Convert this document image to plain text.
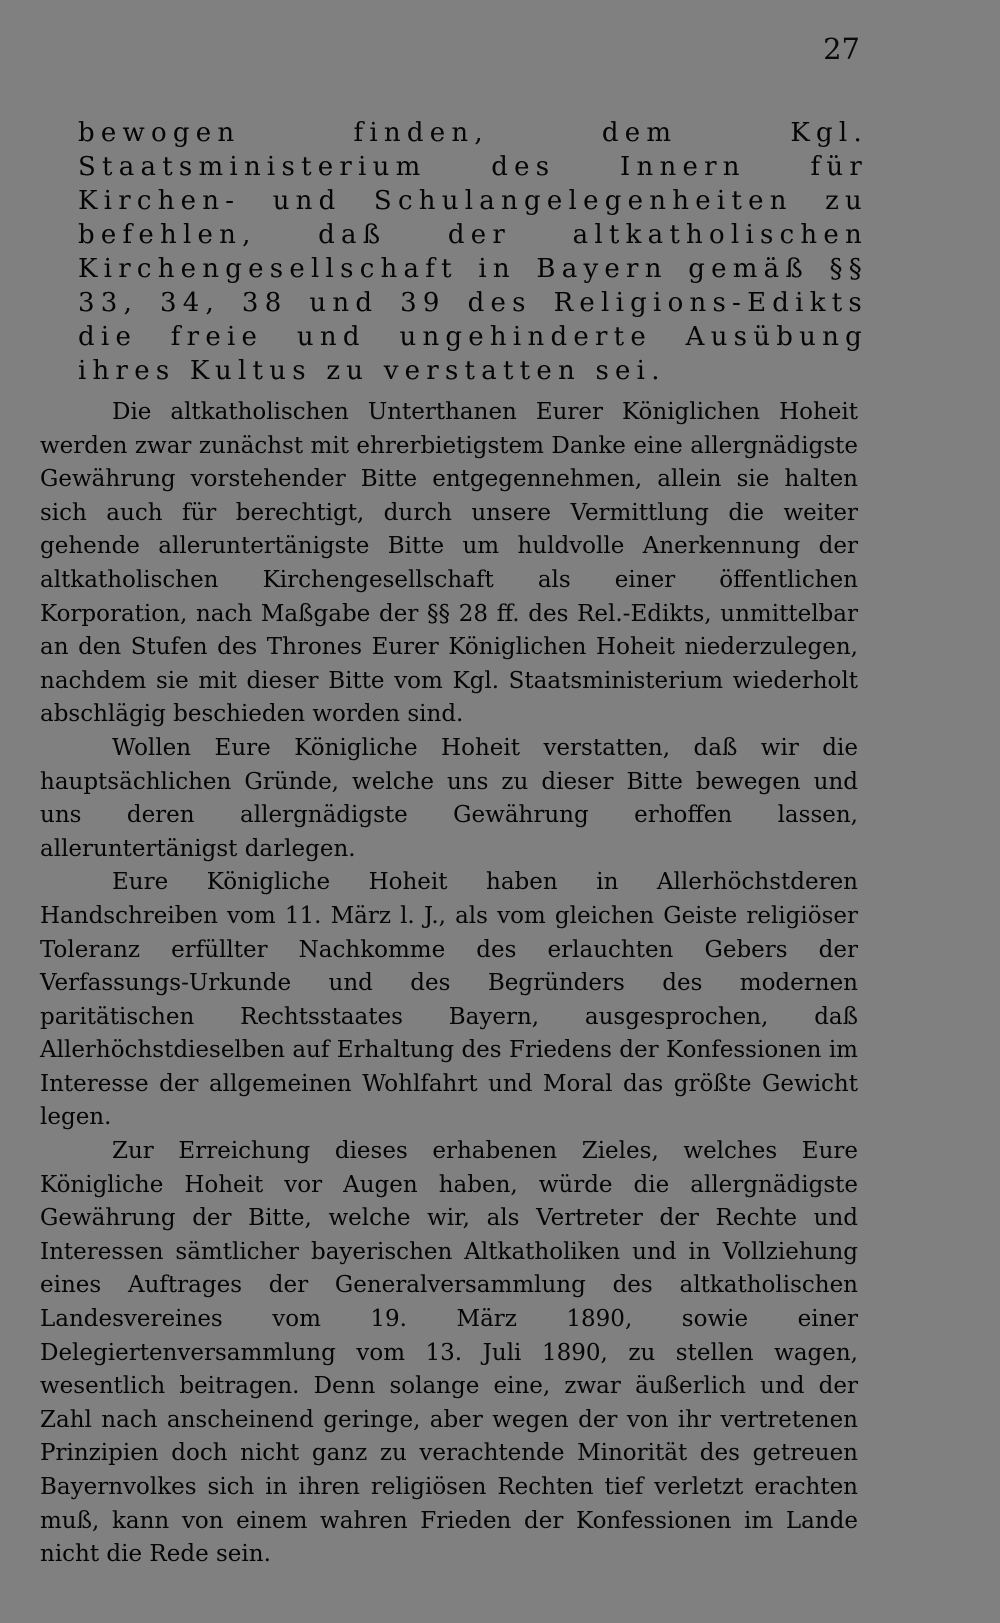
27
bewogen finden, dem Kgl. Staatsministerium des Innern für Kirchen- und Schulangelegenheiten zu befehlen, daß der altkatholischen Kirchengesellschaft in Bayern gemäß §§ 33, 34, 38 und 39 des Religions-Edikts die freie und ungehinderte Ausübung ihres Kultus zu verstatten sei.

Die altkatholischen Unterthanen Eurer Königlichen Hoheit werden zwar zunächst mit ehrerbietigstem Danke eine allergnädigste Gewährung vorstehender Bitte entgegennehmen, allein sie halten sich auch für berechtigt, durch unsere Vermittlung die weiter gehende alleruntertänigste Bitte um huldvolle Anerkennung der altkatholischen Kirchengesellschaft als einer öffentlichen Korporation, nach Maßgabe der §§ 28 ff. des Rel.-Edikts, unmittelbar an den Stufen des Thrones Eurer Königlichen Hoheit niederzulegen, nachdem sie mit dieser Bitte vom Kgl. Staatsministerium wiederholt abschlägig beschieden worden sind.

Wollen Eure Königliche Hoheit verstatten, daß wir die hauptsächlichen Gründe, welche uns zu dieser Bitte bewegen und uns deren allergnädigste Gewährung erhoffen lassen, alleruntertänigst darlegen.

Eure Königliche Hoheit haben in Allerhöchstderen Handschreiben vom 11. März l. J., als vom gleichen Geiste religiöser Toleranz erfüllter Nachkomme des erlauchten Gebers der Verfassungs-Urkunde und des Begründers des modernen paritätischen Rechtsstaates Bayern, ausgesprochen, daß Allerhöchstdieselben auf Erhaltung des Friedens der Konfessionen im Interesse der allgemeinen Wohlfahrt und Moral das größte Gewicht legen.

Zur Erreichung dieses erhabenen Zieles, welches Eure Königliche Hoheit vor Augen haben, würde die allergnädigste Gewährung der Bitte, welche wir, als Vertreter der Rechte und Interessen sämtlicher bayerischen Altkatholiken und in Vollziehung eines Auftrages der Generalversammlung des altkatholischen Landesvereines vom 19. März 1890, sowie einer Delegiertenversammlung vom 13. Juli 1890, zu stellen wagen, wesentlich beitragen. Denn solange eine, zwar äußerlich und der Zahl nach anscheinend geringe, aber wegen der von ihr vertretenen Prinzipien doch nicht ganz zu verachtende Minorität des getreuen Bayernvolkes sich in ihren religiösen Rechten tief verletzt erachten muß, kann von einem wahren Frieden der Konfessionen im Lande nicht die Rede sein.
